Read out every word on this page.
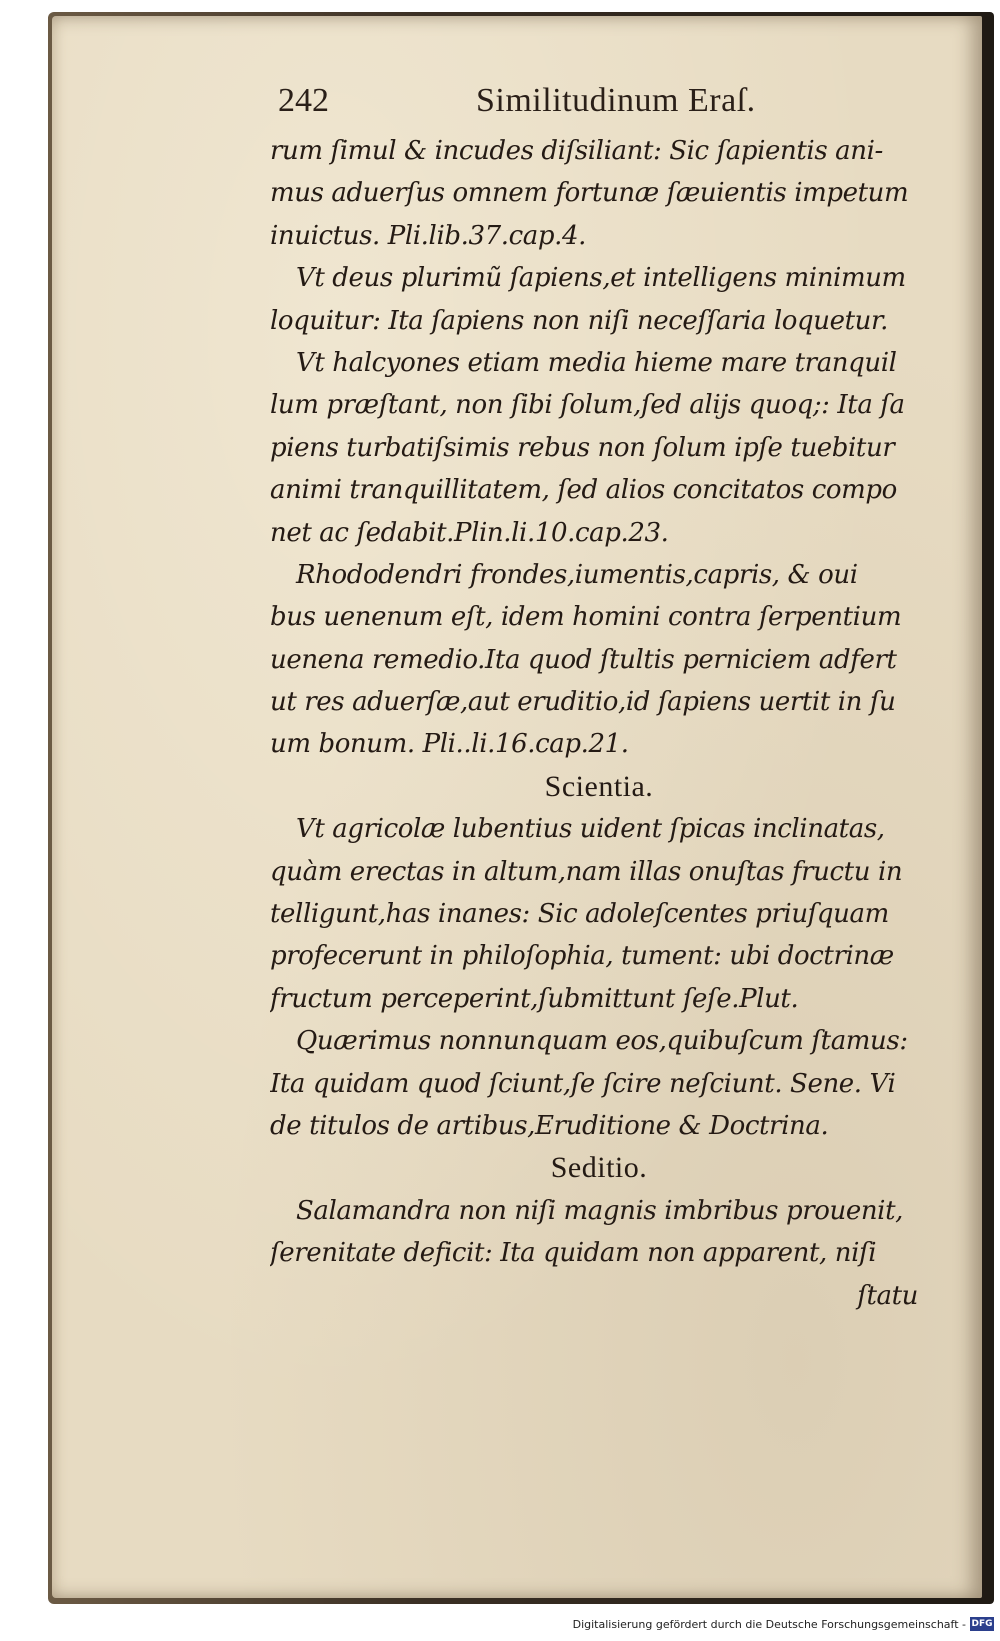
242	Similitudinum Eraſ.
rum ſimul & incudes diſsiliant: Sic ſapientis ani-
mus aduerſus omnem fortunæ ſæuientis impetum
inuictus. Pli.lib.37.cap.4.
Vt deus plurimũ ſapiens,et intelligens minimum
loquitur: Ita ſapiens non niſi neceſſaria loquetur.
Vt halcyones etiam media hieme mare tranquil
lum præſtant, non ſibi ſolum,ſed alijs quoq;: Ita ſa
piens turbatiſsimis rebus non ſolum ipſe tuebitur
animi tranquillitatem, ſed alios concitatos compo
net ac ſedabit.Plin.li.10.cap.23.
Rhododendri frondes,iumentis,capris, & oui
bus uenenum eſt, idem homini contra ſerpentium
uenena remedio.Ita quod ſtultis perniciem adfert
ut res aduerſæ,aut eruditio,id ſapiens uertit in ſu
um bonum. Pli..li.16.cap.21.
Scientia.
Vt agricolæ lubentius uident ſpicas inclinatas,
quàm erectas in altum,nam illas onuſtas fructu in
telligunt,has inanes: Sic adoleſcentes priuſquam
profecerunt in philoſophia, tument: ubi doctrinæ
fructum perceperint,ſubmittunt ſeſe.Plut.
Quærimus nonnunquam eos,quibuſcum ſtamus:
Ita quidam quod ſciunt,ſe ſcire neſciunt. Sene. Vi
de titulos de artibus,Eruditione & Doctrina.
Seditio.
Salamandra non niſi magnis imbribus prouenit,
ſerenitate deficit: Ita quidam non apparent, niſi
ſtatu
Digitalisierung gefördert durch die Deutsche Forschungsgemeinschaft - DFG
